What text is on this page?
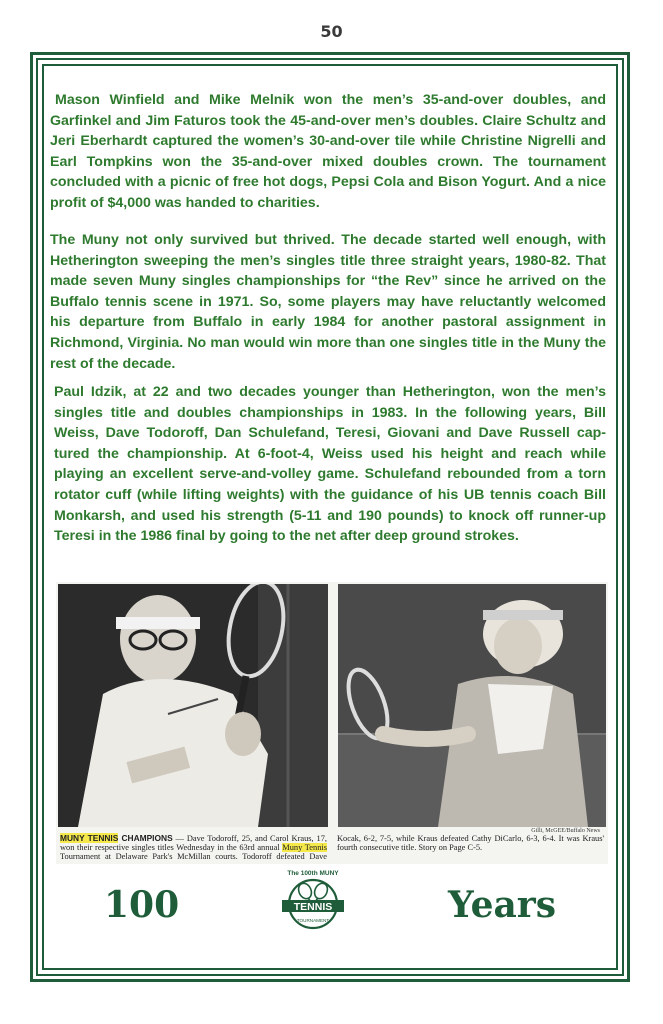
50

Mason Winfield and Mike Melnik won the men’s 35-and-over doubles, and Garfinkel and Jim Faturos took the 45-and-over men’s doubles. Claire Schultz and Jeri Eberhardt captured the women’s 30-and-over tile while Christine Nigrelli and Earl Tompkins won the 35-and-over mixed doubles crown. The tournament concluded with a picnic of free hot dogs, Pepsi Cola and Bison Yogurt. And a nice profit of $4,000 was handed to charities.

The Muny not only survived but thrived. The decade started well enough, with Hetherington sweeping the men’s singles title three straight years, 1980-82. That made seven Muny singles championships for “the Rev” since he arrived on the Buffalo tennis scene in 1971. So, some players may have reluctantly welcomed his departure from Buffalo in early 1984 for another pastoral assignment in Richmond, Virginia. No man would win more than one singles title in the Muny the rest of the decade.

Paul Idzik, at 22 and two decades younger than Hetherington, won the men’s singles title and doubles championships in 1983. In the following years, Bill Weiss, Dave Todoroff, Dan Schulefand, Teresi, Giovani and Dave Russell cap- tured the championship. At 6-foot-4, Weiss used his height and reach while playing an excellent serve-and-volley game. Schulefand rebounded from a torn rotator cuff (while lifting weights) with the guidance of his UB tennis coach Bill Monkarsh, and used his strength (5-11 and 190 pounds) to knock off runner-up Teresi in the 1986 final by going to the net after deep ground strokes.

Gilli, McGEE/Buffalo News
MUNY TENNIS CHAMPIONS — Dave Todoroff, 25, and Carol Kraus, 17, won their respective singles titles Wednesday in the 63rd annual Muny Tennis Tournament at Delaware Park's McMillan courts. Todoroff defeated Dave Kocak, 6-2, 7-5, while Kraus defeated Cathy DiCarlo, 6-3, 6-4. It was Kraus' fourth consecutive title. Story on Page C-5.
100
The 100th MUNY
TENNIS
TOURNAMENT	Years
